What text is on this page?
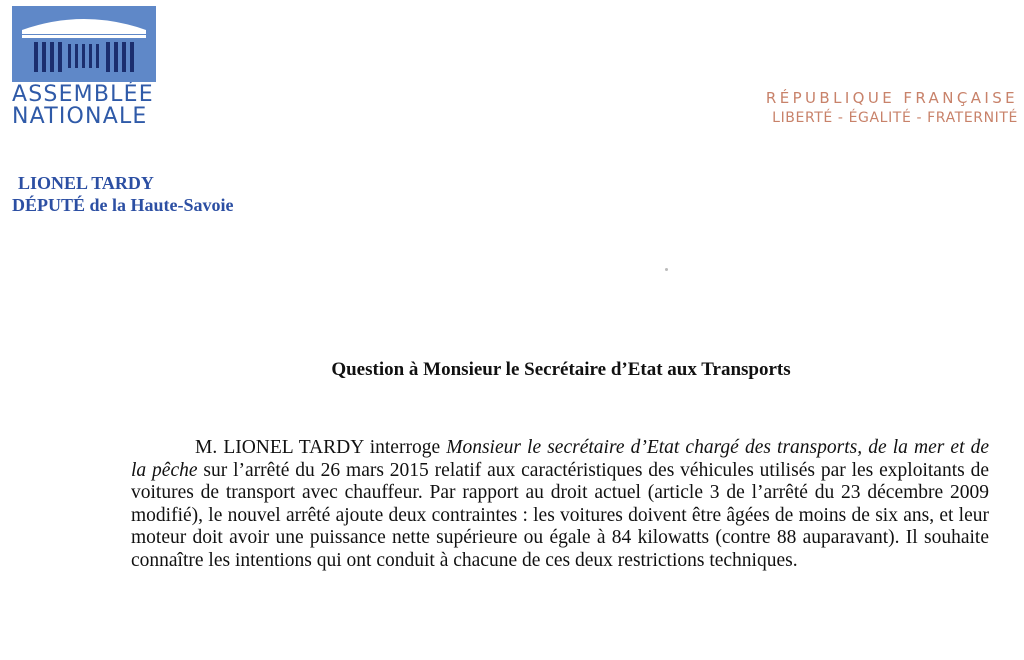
ASSEMBLÉE
NATIONALE
RÉPUBLIQUE FRANÇAISE
LIBERTÉ - ÉGALITÉ - FRATERNITÉ
LIONEL TARDY
DÉPUTÉ de la Haute-Savoie
Question à Monsieur le Secrétaire d’Etat aux Transports
M. LIONEL TARDY interroge Monsieur le secrétaire d’Etat chargé des transports, de la mer et de la pêche sur l’arrêté du 26 mars 2015 relatif aux caractéristiques des véhicules utilisés par les exploitants de voitures de transport avec chauffeur. Par rapport au droit actuel (article 3 de l’arrêté du 23 décembre 2009 modifié), le nouvel arrêté ajoute deux contraintes : les voitures doivent être âgées de moins de six ans, et leur moteur doit avoir une puissance nette supérieure ou égale à 84 kilowatts (contre 88 auparavant). Il souhaite connaître les intentions qui ont conduit à chacune de ces deux restrictions techniques.
